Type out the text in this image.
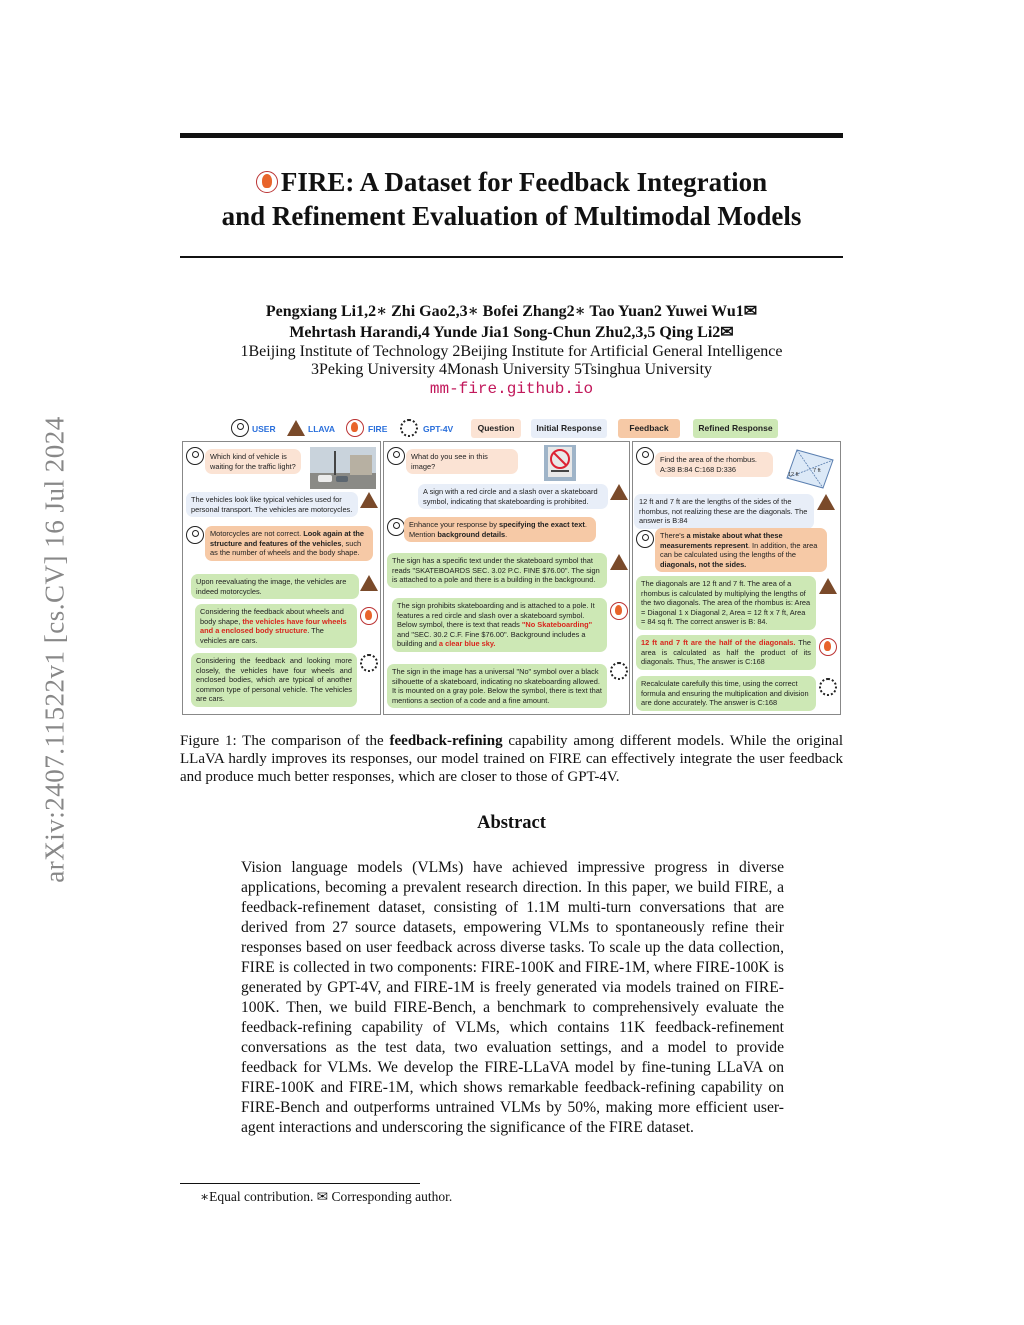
arXiv:2407.11522v1 [cs.CV] 16 Jul 2024
FIRE: A Dataset for Feedback Integration
and Refinement Evaluation of Multimodal Models
Pengxiang Li1,2∗ Zhi Gao2,3∗ Bofei Zhang2∗ Tao Yuan2 Yuwei Wu1✉
Mehrtash Harandi,4 Yunde Jia1 Song-Chun Zhu2,3,5 Qing Li2✉
1Beijing Institute of Technology 2Beijing Institute for Artificial General Intelligence
3Peking University 4Monash University 5Tsinghua University
mm-fire.github.io
USER	LLAVA	FIRE	GPT-4V	Question	Initial Response	Feedback	Refined Response
Which kind of vehicle is waiting for the traffic light?
The vehicles look like typical vehicles used for personal transport. The vehicles are motorcycles.
Motorcycles are not correct. Look again at the structure and features of the vehicles, such as the number of wheels and the body shape.
Upon reevaluating the image, the vehicles are indeed motorcycles.
Considering the feedback about wheels and body shape, the vehicles have four wheels and a enclosed body structure. The vehicles are cars.
Considering the feedback and looking more closely, the vehicles have four wheels and enclosed bodies, which are typical of another common type of personal vehicle. The vehicles are cars.
What do you see in this image?
A sign with a red circle and a slash over a skateboard symbol, indicating that skateboarding is prohibited.
Enhance your response by specifying the exact text. Mention background details.
The sign has a specific text under the skateboard symbol that reads "SKATEBOARDS SEC. 3.02 P.C. FINE $76.00". The sign is attached to a pole and there is a building in the background.
The sign prohibits skateboarding and is attached to a pole. It features a red circle and slash over a skateboard symbol. Below symbol, there is text that reads "No Skateboarding" and "SEC. 30.2 C.F. Fine $76.00". Background includes a building and a clear blue sky.
The sign in the image has a universal "No" symbol over a black silhouette of a skateboard, indicating no skateboarding allowed. It is mounted on a gray pole. Below the symbol, there is text that mentions a section of a code and a fine amount.
Find the area of the rhombus. A:38 B:84 C:168 D:336
12 ft
7 ft
12 ft and 7 ft are the lengths of the sides of the rhombus, not realizing these are the diagonals. The answer is B:84
There's a mistake about what these measurements represent. In addition, the area can be calculated using the lengths of the diagonals, not the sides.
The diagonals are 12 ft and 7 ft. The area of a rhombus is calculated by multiplying the lengths of the two diagonals. The area of the rhombus is: Area = Diagonal 1 x Diagonal 2, Area = 12 ft x 7 ft, Area = 84 sq ft. The correct answer is B: 84.
12 ft and 7 ft are the half of the diagonals. The area is calculated as half the product of its diagonals. Thus, The answer is C:168
Recalculate carefully this time, using the correct formula and ensuring the multiplication and division are done accurately. The answer is C:168
Figure 1: The comparison of the feedback-refining capability among different models. While the original LLaVA hardly improves its responses, our model trained on FIRE can effectively integrate the user feedback and produce much better responses, which are closer to those of GPT-4V.
Abstract
Vision language models (VLMs) have achieved impressive progress in diverse applications, becoming a prevalent research direction. In this paper, we build FIRE, a feedback-refinement dataset, consisting of 1.1M multi-turn conversations that are derived from 27 source datasets, empowering VLMs to spontaneously refine their responses based on user feedback across diverse tasks. To scale up the data collection, FIRE is collected in two components: FIRE-100K and FIRE-1M, where FIRE-100K is generated by GPT-4V, and FIRE-1M is freely generated via models trained on FIRE-100K. Then, we build FIRE-Bench, a benchmark to comprehensively evaluate the feedback-refining capability of VLMs, which contains 11K feedback-refinement conversations as the test data, two evaluation settings, and a model to provide feedback for VLMs. We develop the FIRE-LLaVA model by fine-tuning LLaVA on FIRE-100K and FIRE-1M, which shows remarkable feedback-refining capability on FIRE-Bench and outperforms untrained VLMs by 50%, making more efficient user-agent interactions and underscoring the significance of the FIRE dataset.
∗Equal contribution. ✉ Corresponding author.
